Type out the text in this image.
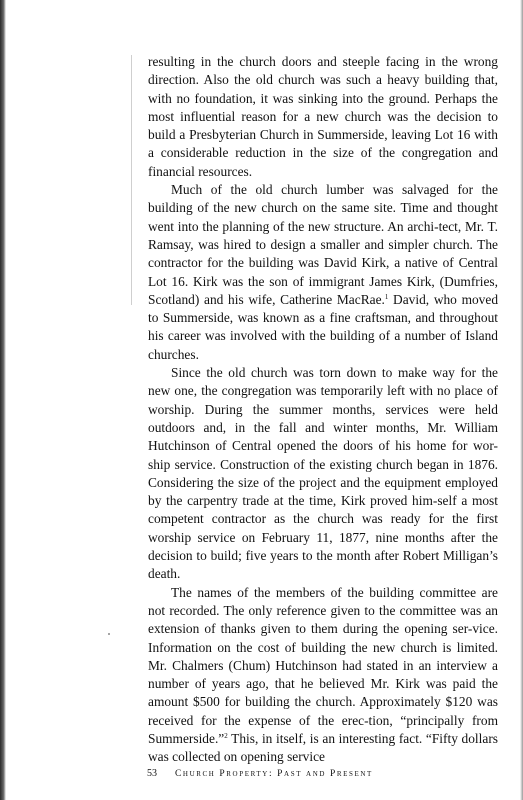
resulting in the church doors and steeple facing in the wrong direction. Also the old church was such a heavy building that, with no foundation, it was sinking into the ground. Perhaps the most influential reason for a new church was the decision to build a Presbyterian Church in Summerside, leaving Lot 16 with a considerable reduction in the size of the congregation and financial resources.

Much of the old church lumber was salvaged for the building of the new church on the same site. Time and thought went into the planning of the new structure. An archi-tect, Mr. T. Ramsay, was hired to design a smaller and simpler church. The contractor for the building was David Kirk, a native of Central Lot 16. Kirk was the son of immigrant James Kirk, (Dumfries, Scotland) and his wife, Catherine MacRae.$^1$ David, who moved to Summerside, was known as a fine craftsman, and throughout his career was involved with the building of a number of Island churches.

Since the old church was torn down to make way for the new one, the congregation was temporarily left with no place of worship. During the summer months, services were held outdoors and, in the fall and winter months, Mr. William Hutchinson of Central opened the doors of his home for wor-ship service. Construction of the existing church began in 1876. Considering the size of the project and the equipment employed by the carpentry trade at the time, Kirk proved him-self a most competent contractor as the church was ready for the first worship service on February 11, 1877, nine months after the decision to build; five years to the month after Robert Milligan’s death.

The names of the members of the building committee are not recorded. The only reference given to the committee was an extension of thanks given to them during the opening ser-vice. Information on the cost of building the new church is limited. Mr. Chalmers (Chum) Hutchinson had stated in an interview a number of years ago, that he believed Mr. Kirk was paid the amount $500 for building the church. Approximately $120 was received for the expense of the erec-tion, “principally from Summerside.”$^2$ This, in itself, is an interesting fact. “Fifty dollars was collected on opening service

53 Church Property: Past and Present
